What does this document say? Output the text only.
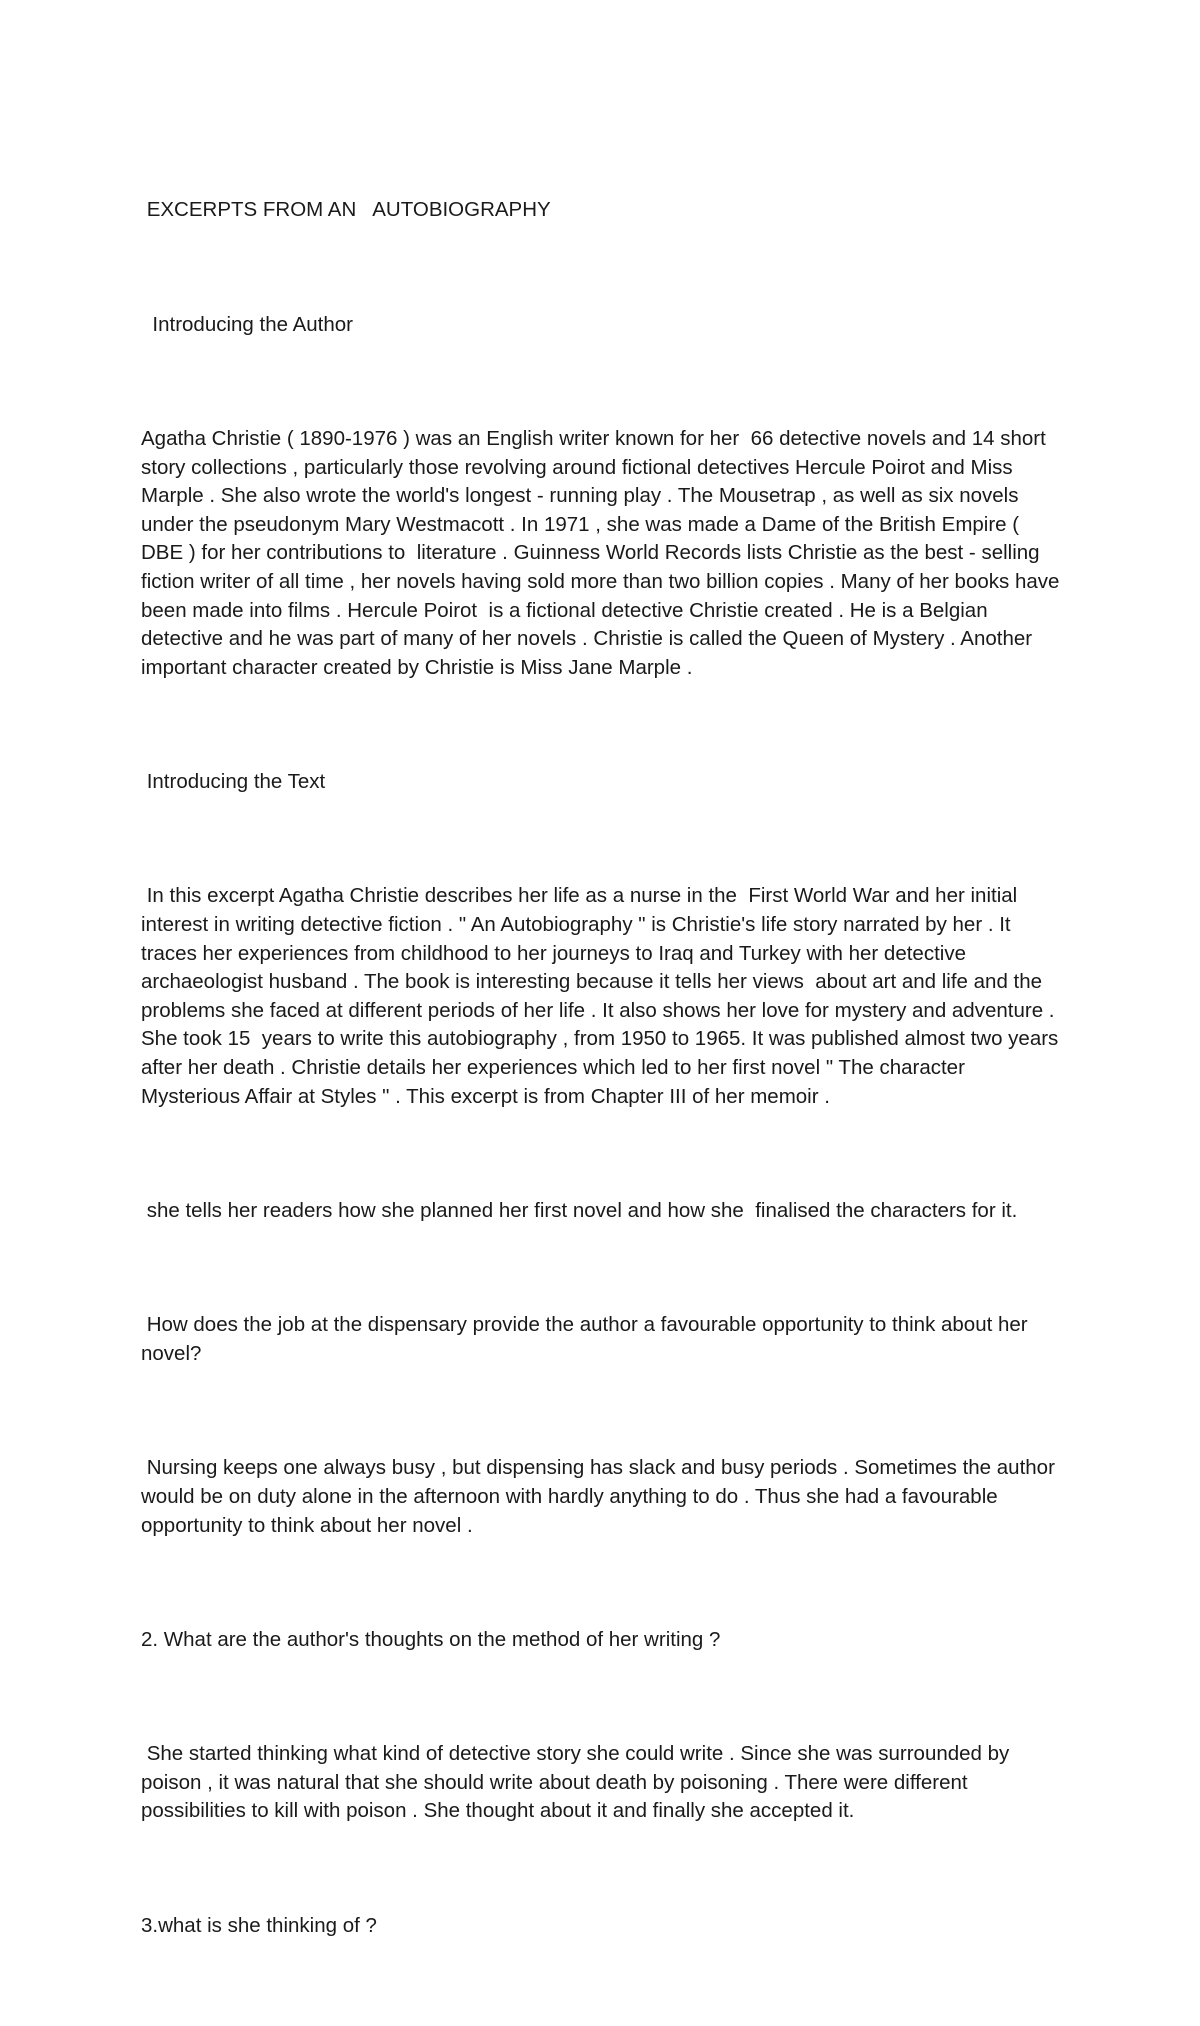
EXCERPTS FROM AN   AUTOBIOGRAPHY

Introducing the Author

Agatha Christie ( 1890-1976 ) was an English writer known for her  66 detective novels and 14 short story collections , particularly those revolving around fictional detectives Hercule Poirot and Miss Marple . She also wrote the world's longest - running play . The Mousetrap , as well as six novels under the pseudonym Mary Westmacott . In 1971 , she was made a Dame of the British Empire ( DBE ) for her contributions to  literature . Guinness World Records lists Christie as the best - selling  fiction writer of all time , her novels having sold more than two billion copies . Many of her books have been made into films . Hercule Poirot  is a fictional detective Christie created . He is a Belgian detective and he was part of many of her novels . Christie is called the Queen of Mystery . Another important character created by Christie is Miss Jane Marple .

Introducing the Text

In this excerpt Agatha Christie describes her life as a nurse in the  First World War and her initial interest in writing detective fiction . " An Autobiography " is Christie's life story narrated by her . It traces her experiences from childhood to her journeys to Iraq and Turkey with her detective archaeologist husband . The book is interesting because it tells her views  about art and life and the problems she faced at different periods of her life . It also shows her love for mystery and adventure . She took 15  years to write this autobiography , from 1950 to 1965. It was published almost two years after her death . Christie details her experiences which led to her first novel " The character Mysterious Affair at Styles " . This excerpt is from Chapter III of her memoir .

she tells her readers how she planned her first novel and how she  finalised the characters for it.

How does the job at the dispensary provide the author a favourable opportunity to think about her novel?

Nursing keeps one always busy , but dispensing has slack and busy periods . Sometimes the author would be on duty alone in the afternoon with hardly anything to do . Thus she had a favourable opportunity to think about her novel .

2. What are the author's thoughts on the method of her writing ?

She started thinking what kind of detective story she could write . Since she was surrounded by poison , it was natural that she should write about death by poisoning . There were different possibilities to kill with poison . She thought about it and finally she accepted it.

3.what is she thinking of ?
